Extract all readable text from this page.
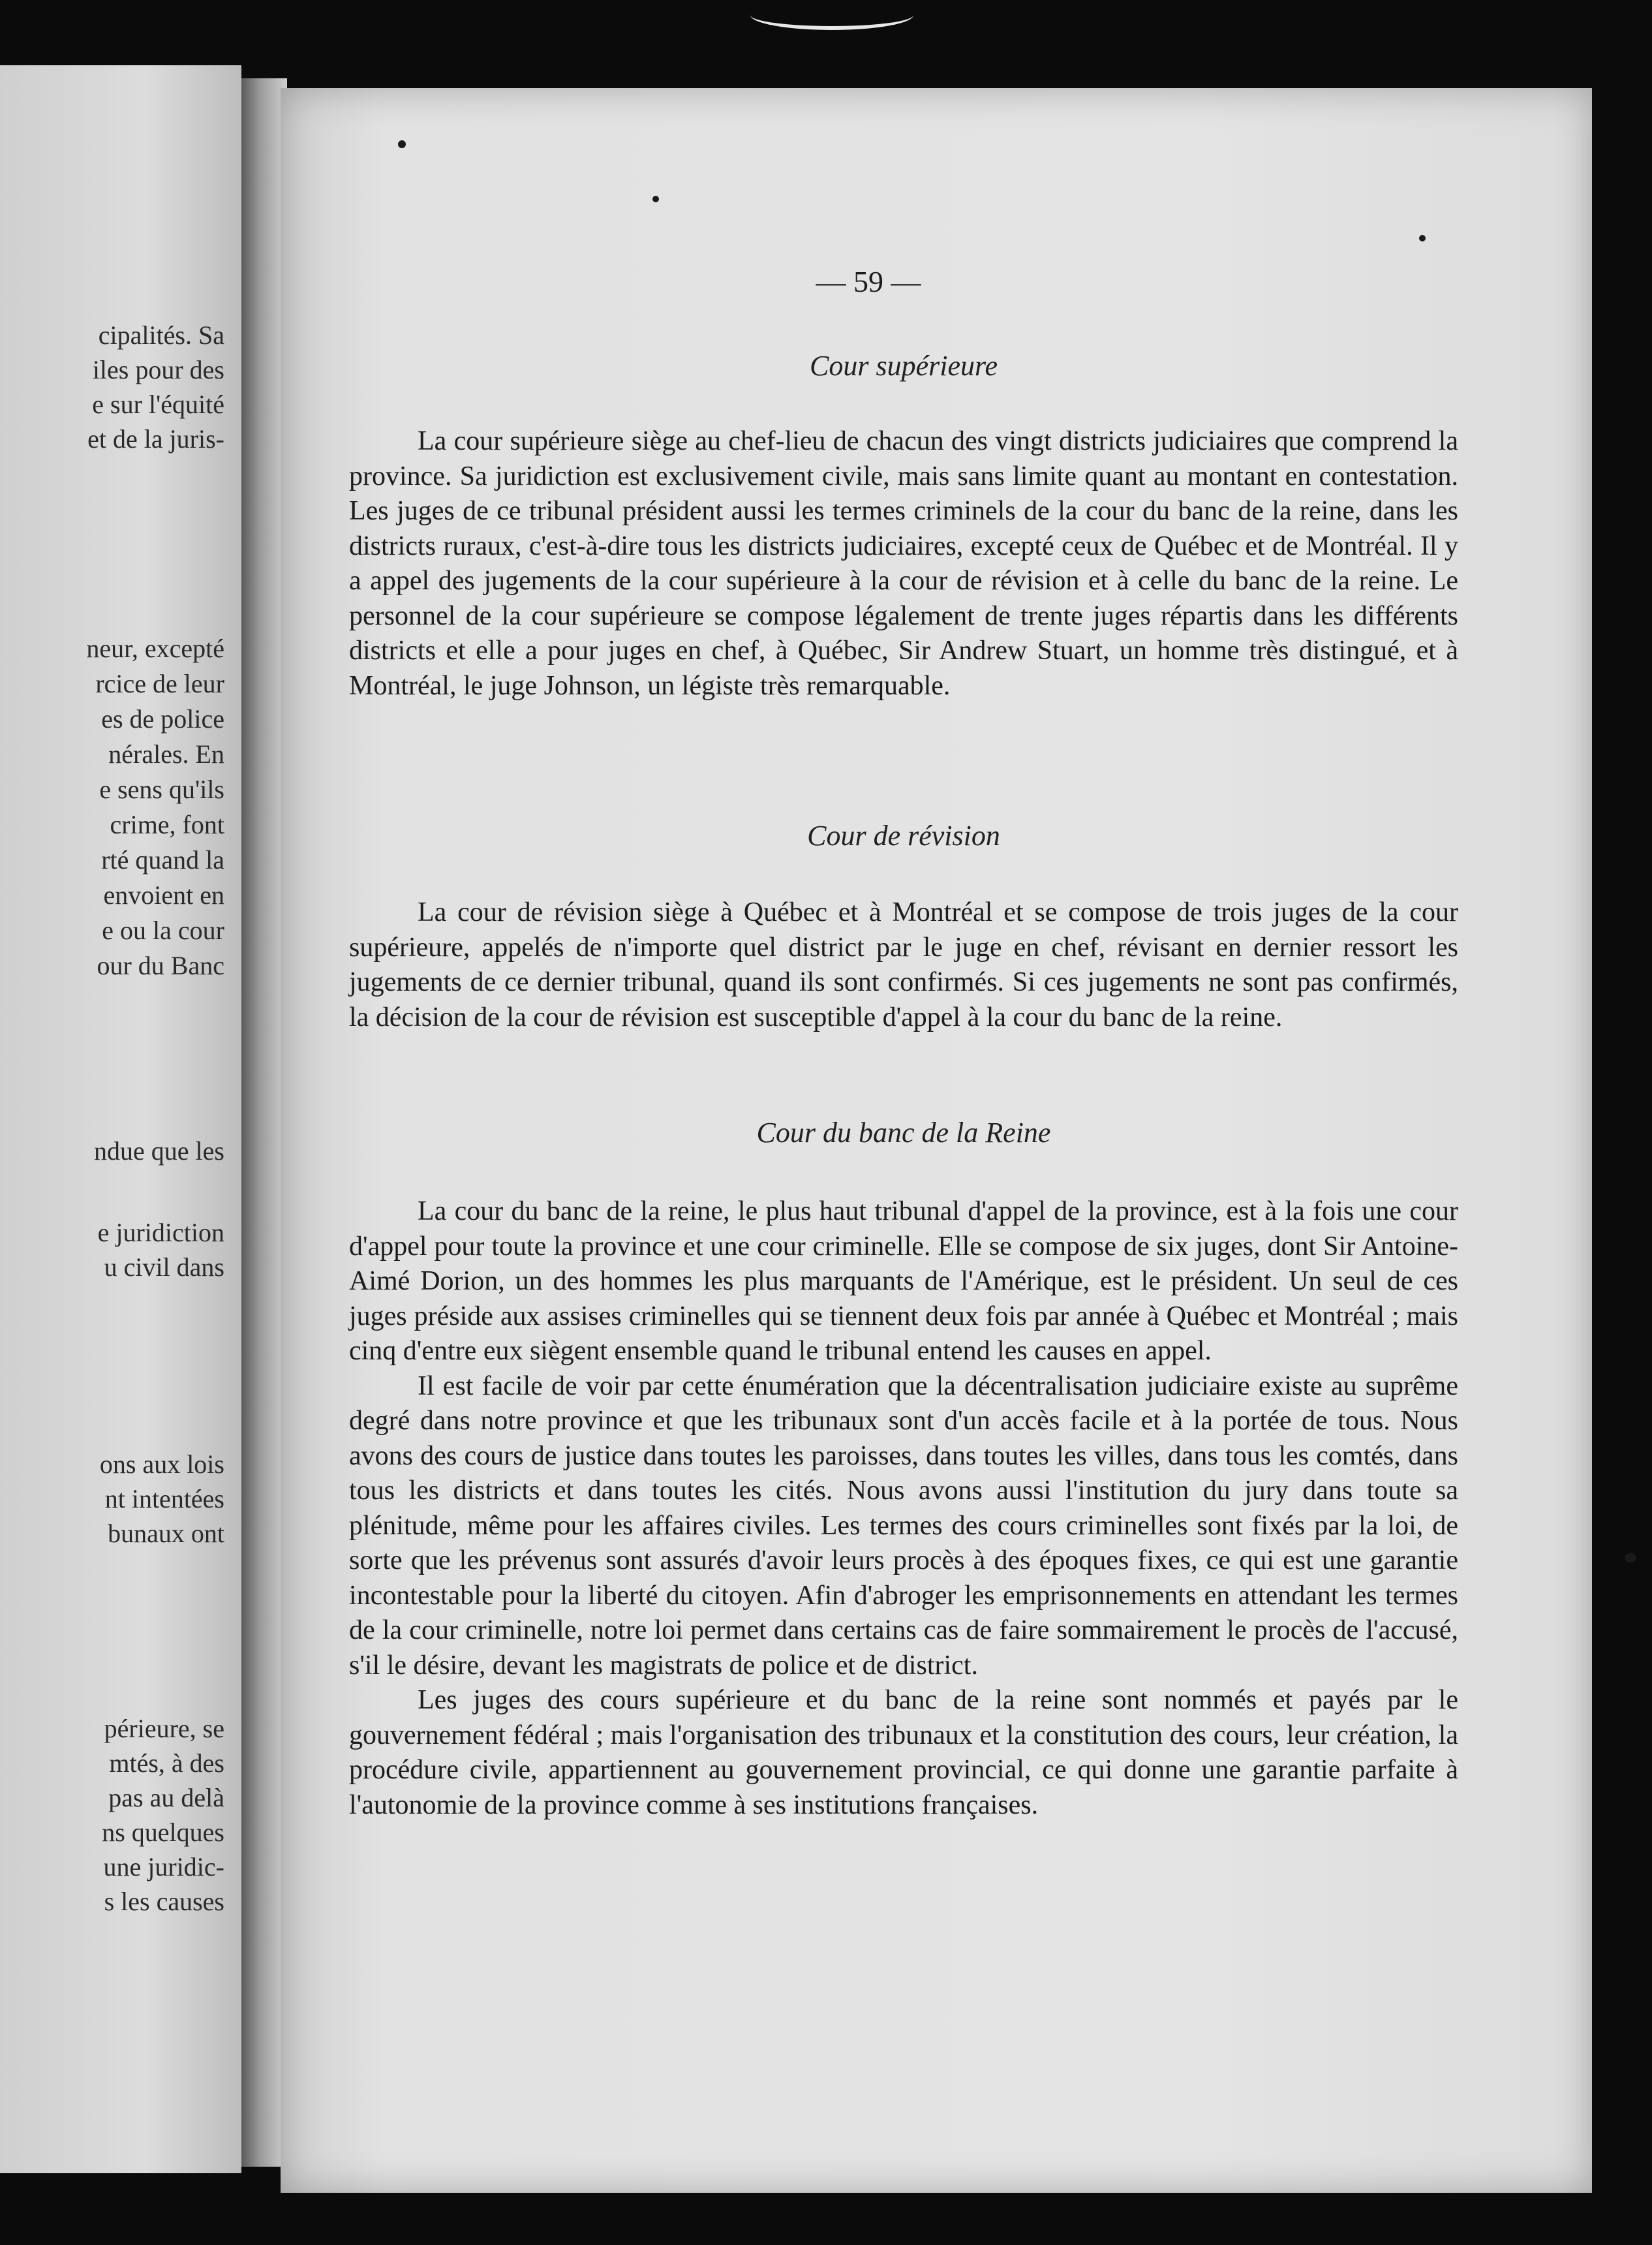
cipalités. Sa
iles pour des
e sur l'équité
et de la juris-
neur, excepté
rcice de leur
es de police
nérales. En
e sens qu'ils
crime, font
rté quand la
envoient en
e ou la cour
our du Banc
ndue que les
e juridiction
u civil dans
ons aux lois
nt intentées
bunaux ont
périeure, se
mtés, à des
pas au delà
ns quelques
une juridic-
s les causes
— 59 —
Cour supérieure

La cour supérieure siège au chef-lieu de chacun des vingt districts judiciaires que comprend la province. Sa juridiction est exclusivement civile, mais sans limite quant au montant en contestation. Les juges de ce tribunal président aussi les termes criminels de la cour du banc de la reine, dans les districts ruraux, c'est-à-dire tous les districts judiciaires, excepté ceux de Québec et de Montréal. Il y a appel des jugements de la cour supérieure à la cour de révision et à celle du banc de la reine. Le personnel de la cour supérieure se compose légalement de trente juges répartis dans les différents districts et elle a pour juges en chef, à Québec, Sir Andrew Stuart, un homme très distingué, et à Montréal, le juge Johnson, un légiste très remarquable.

Cour de révision

La cour de révision siège à Québec et à Montréal et se compose de trois juges de la cour supérieure, appelés de n'importe quel district par le juge en chef, révisant en dernier ressort les jugements de ce dernier tribunal, quand ils sont confirmés. Si ces jugements ne sont pas confirmés, la décision de la cour de révision est susceptible d'appel à la cour du banc de la reine.

Cour du banc de la Reine

La cour du banc de la reine, le plus haut tribunal d'appel de la province, est à la fois une cour d'appel pour toute la province et une cour criminelle. Elle se compose de six juges, dont Sir Antoine-Aimé Dorion, un des hommes les plus marquants de l'Amérique, est le président. Un seul de ces juges préside aux assises criminelles qui se tiennent deux fois par année à Québec et Montréal ; mais cinq d'entre eux siègent ensemble quand le tribunal entend les causes en appel.

Il est facile de voir par cette énumération que la décentralisation judiciaire existe au suprême degré dans notre province et que les tribunaux sont d'un accès facile et à la portée de tous. Nous avons des cours de justice dans toutes les paroisses, dans toutes les villes, dans tous les comtés, dans tous les districts et dans toutes les cités. Nous avons aussi l'institution du jury dans toute sa plénitude, même pour les affaires civiles. Les termes des cours criminelles sont fixés par la loi, de sorte que les prévenus sont assurés d'avoir leurs procès à des époques fixes, ce qui est une garantie incontestable pour la liberté du citoyen. Afin d'abroger les emprisonnements en attendant les termes de la cour criminelle, notre loi permet dans certains cas de faire sommairement le procès de l'accusé, s'il le désire, devant les magistrats de police et de district.

Les juges des cours supérieure et du banc de la reine sont nommés et payés par le gouvernement fédéral ; mais l'organisation des tribunaux et la constitution des cours, leur création, la procédure civile, appartiennent au gouvernement provincial, ce qui donne une garantie parfaite à l'autonomie de la province comme à ses institutions françaises.
